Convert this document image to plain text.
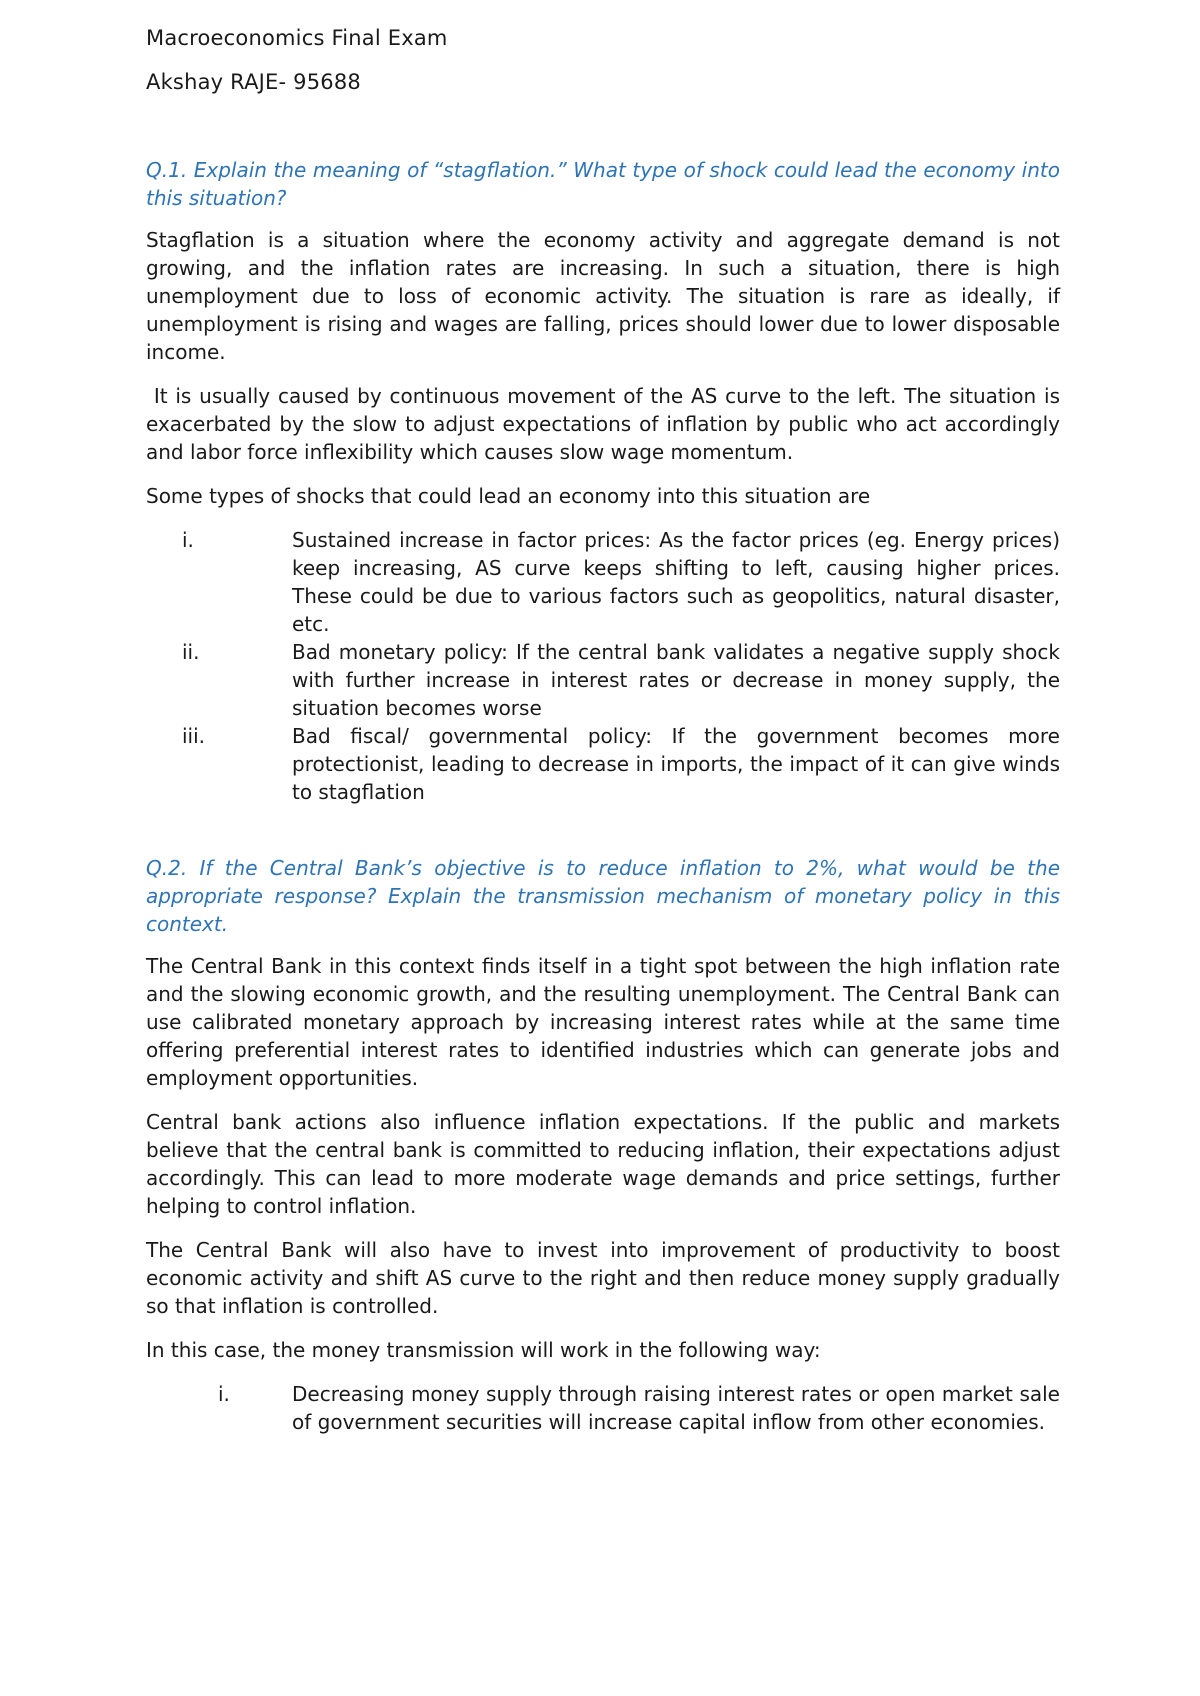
Macroeconomics Final Exam
Akshay RAJE- 95688
Q.1. Explain the meaning of “stagflation.” What type of shock could lead the economy into this situation?

Stagflation is a situation where the economy activity and aggregate demand is not growing, and the inflation rates are increasing. In such a situation, there is high unemployment due to loss of economic activity. The situation is rare as ideally, if unemployment is rising and wages are falling, prices should lower due to lower disposable income.

It is usually caused by continuous movement of the AS curve to the left. The situation is exacerbated by the slow to adjust expectations of inflation by public who act accordingly and labor force inflexibility which causes slow wage momentum.

Some types of shocks that could lead an economy into this situation are

i.	Sustained increase in factor prices: As the factor prices (eg. Energy prices) keep increasing, AS curve keeps shifting to left, causing higher prices. These could be due to various factors such as geopolitics, natural disaster, etc.
ii.	Bad monetary policy: If the central bank validates a negative supply shock with further increase in interest rates or decrease in money supply, the situation becomes worse
iii.	Bad fiscal/ governmental policy: If the government becomes more protectionist, leading to decrease in imports, the impact of it can give winds to stagflation
Q.2. If the Central Bank’s objective is to reduce inflation to 2%, what would be the appropriate response? Explain the transmission mechanism of monetary policy in this context.

The Central Bank in this context finds itself in a tight spot between the high inflation rate and the slowing economic growth, and the resulting unemployment. The Central Bank can use calibrated monetary approach by increasing interest rates while at the same time offering preferential interest rates to identified industries which can generate jobs and employment opportunities.

Central bank actions also influence inflation expectations. If the public and markets believe that the central bank is committed to reducing inflation, their expectations adjust accordingly. This can lead to more moderate wage demands and price settings, further helping to control inflation.

The Central Bank will also have to invest into improvement of productivity to boost economic activity and shift AS curve to the right and then reduce money supply gradually so that inflation is controlled.

In this case, the money transmission will work in the following way:

i.	Decreasing money supply through raising interest rates or open market sale of government securities will increase capital inflow from other economies.
